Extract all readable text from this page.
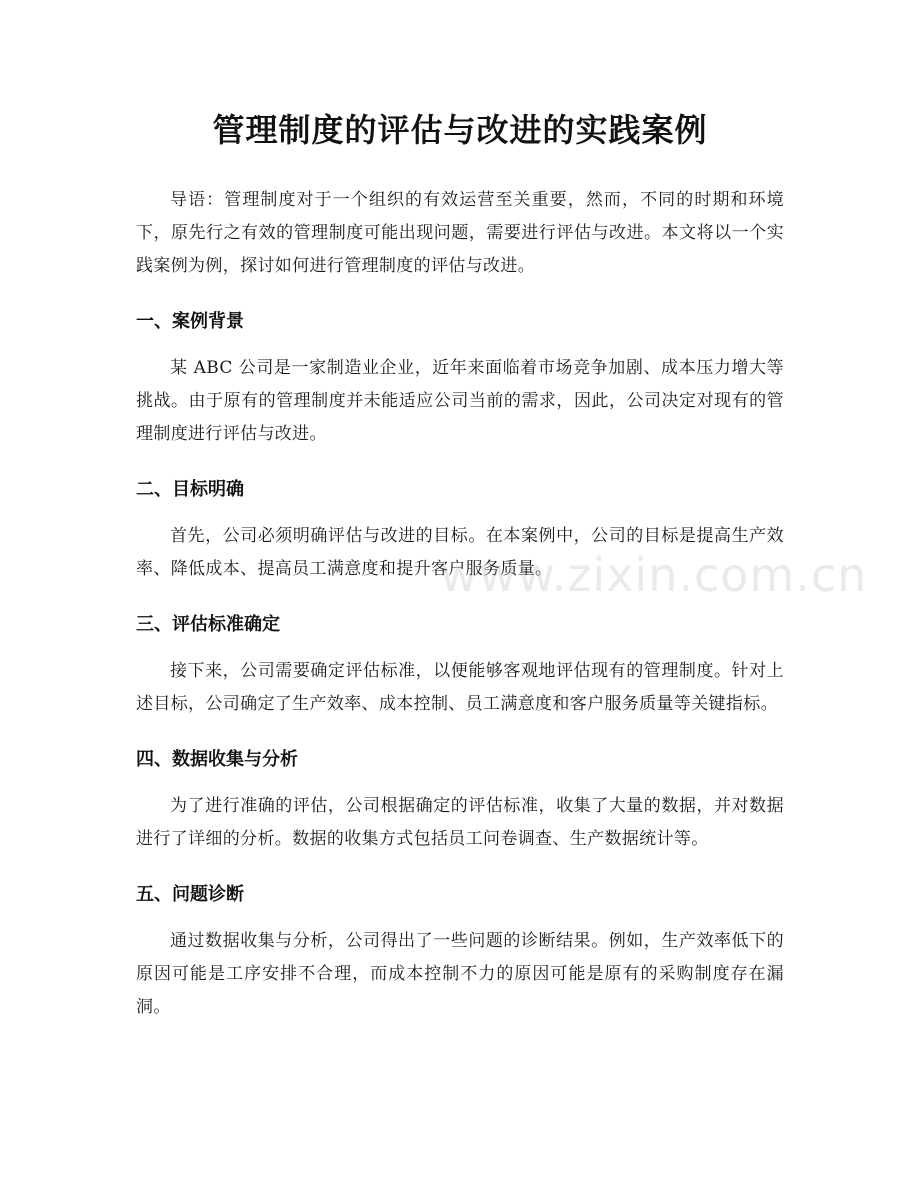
管理制度的评估与改进的实践案例

导语：管理制度对于一个组织的有效运营至关重要，然而，不同的时期和环境下，原先行之有效的管理制度可能出现问题，需要进行评估与改进。本文将以一个实践案例为例，探讨如何进行管理制度的评估与改进。

一、案例背景

某 ABC 公司是一家制造业企业，近年来面临着市场竞争加剧、成本压力增大等挑战。由于原有的管理制度并未能适应公司当前的需求，因此，公司决定对现有的管理制度进行评估与改进。

二、目标明确

首先，公司必须明确评估与改进的目标。在本案例中，公司的目标是提高生产效率、降低成本、提高员工满意度和提升客户服务质量。

三、评估标准确定

接下来，公司需要确定评估标准，以便能够客观地评估现有的管理制度。针对上述目标，公司确定了生产效率、成本控制、员工满意度和客户服务质量等关键指标。

四、数据收集与分析

为了进行准确的评估，公司根据确定的评估标准，收集了大量的数据，并对数据进行了详细的分析。数据的收集方式包括员工问卷调查、生产数据统计等。

五、问题诊断

通过数据收集与分析，公司得出了一些问题的诊断结果。例如，生产效率低下的原因可能是工序安排不合理，而成本控制不力的原因可能是原有的采购制度存在漏洞。

www.zixin.com.cn
